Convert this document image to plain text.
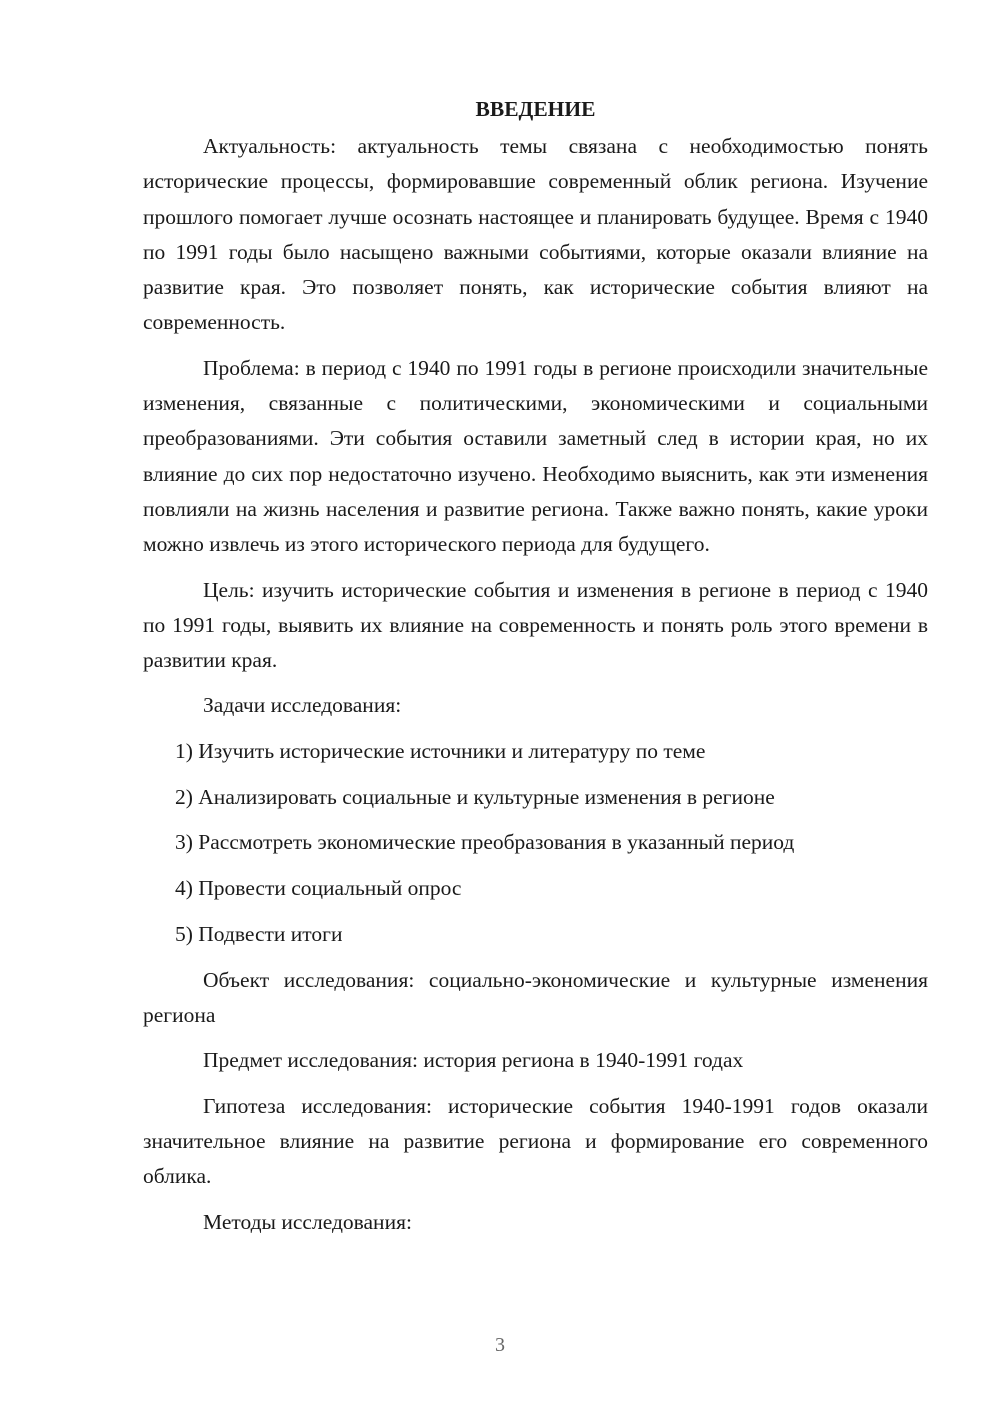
ВВЕДЕНИЕ

Актуальность: актуальность темы связана с необходимостью понять исторические процессы, формировавшие современный облик региона. Изучение прошлого помогает лучше осознать настоящее и планировать будущее. Время с 1940 по 1991 годы было насыщено важными событиями, которые оказали влияние на развитие края. Это позволяет понять, как исторические события влияют на современность.

Проблема: в период с 1940 по 1991 годы в регионе происходили значительные изменения, связанные с политическими, экономическими и социальными преобразованиями. Эти события оставили заметный след в истории края, но их влияние до сих пор недостаточно изучено. Необходимо выяснить, как эти изменения повлияли на жизнь населения и развитие региона. Также важно понять, какие уроки можно извлечь из этого исторического периода для будущего.

Цель: изучить исторические события и изменения в регионе в период с 1940 по 1991 годы, выявить их влияние на современность и понять роль этого времени в развитии края.

Задачи исследования:

1) Изучить исторические источники и литературу по теме
2) Анализировать социальные и культурные изменения в регионе
3) Рассмотреть экономические преобразования в указанный период
4) Провести социальный опрос
5) Подвести итоги

Объект исследования: социально-экономические и культурные изменения региона

Предмет исследования: история региона в 1940-1991 годах

Гипотеза исследования: исторические события 1940-1991 годов оказали значительное влияние на развитие региона и формирование его современного облика.

Методы исследования:

3
